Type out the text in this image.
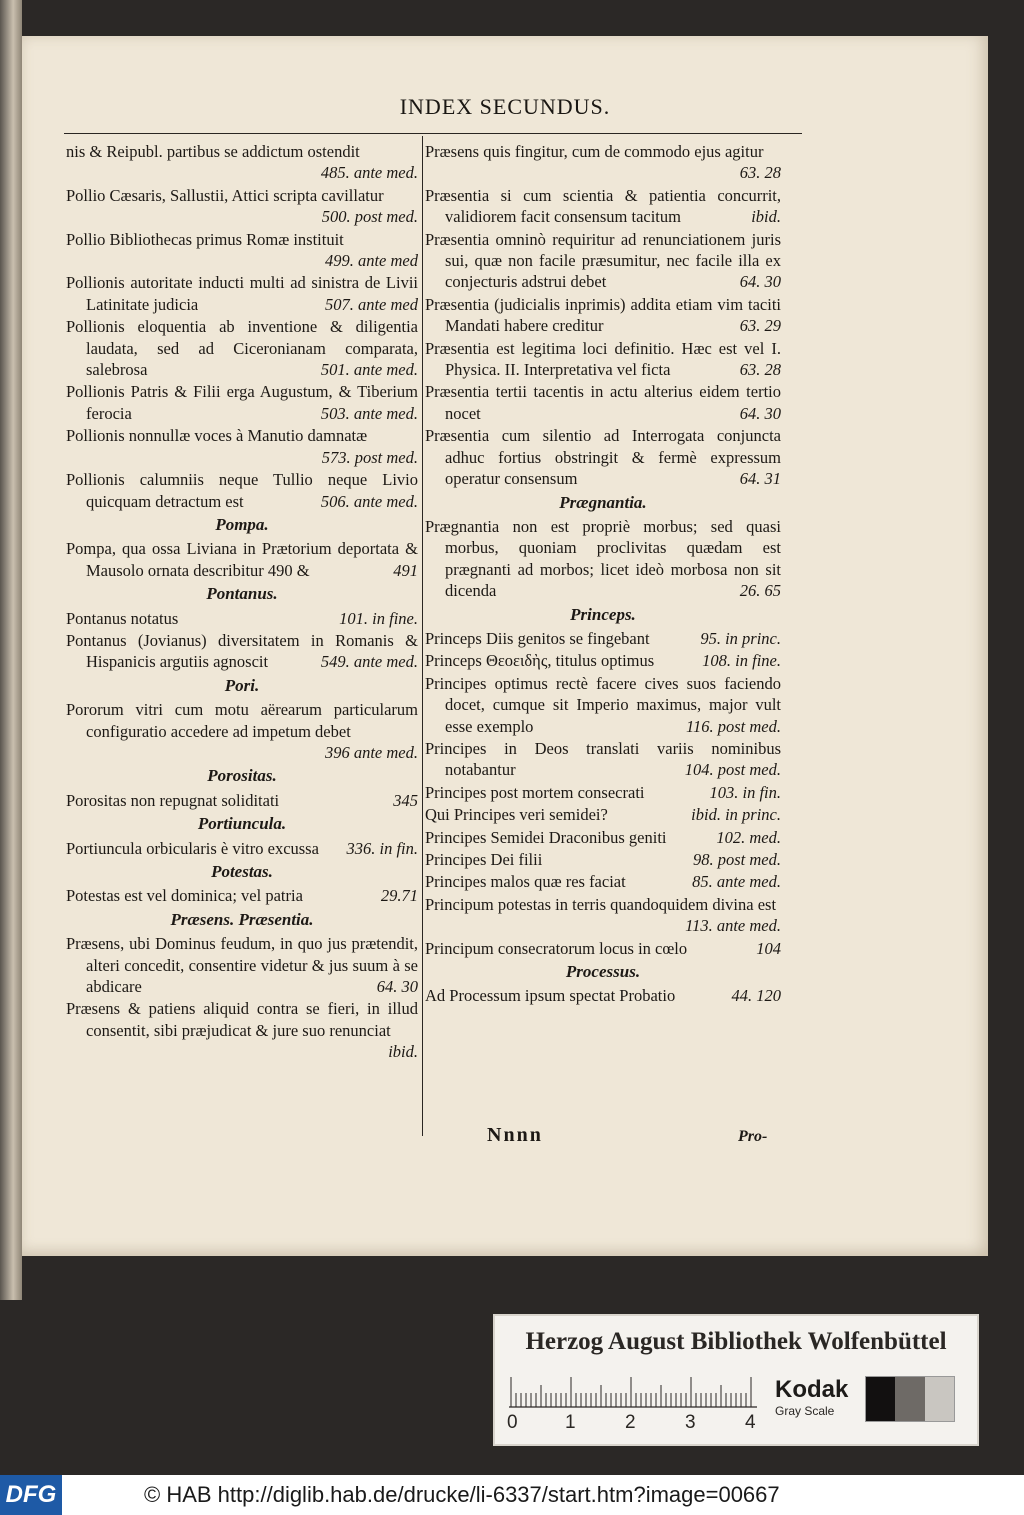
INDEX SECUNDUS.
nis & Reipubl. partibus se addictum ostendit
485. ante med.
Pollio Cæsaris, Sallustii, Attici scripta cavillatur
500. post med.
Pollio Bibliothecas primus Romæ instituit
499. ante med
Pollionis autoritate inducti multi ad sinistra de Livii Latinitate judicia	507. ante med
Pollionis eloquentia ab inventione & diligentia laudata, sed ad Ciceronianam comparata, salebrosa	501. ante med.
Pollionis Patris & Filii erga Augustum, & Tiberium ferocia	503. ante med.
Pollionis nonnullæ voces à Manutio damnatæ
573. post med.
Pollionis calumniis neque Tullio neque Livio quicquam detractum est	506. ante med.
Pompa.
Pompa, qua ossa Liviana in Prætorium deportata & Mausolo ornata describitur 490 &	491
Pontanus.
Pontanus notatus	101. in fine.
Pontanus (Jovianus) diversitatem in Romanis & Hispanicis argutiis agnoscit	549. ante med.
Pori.
Pororum vitri cum motu aërearum particularum configuratio accedere ad impetum debet
396 ante med.
Porositas.
Porositas non repugnat soliditati	345
Portiuncula.
Portiuncula orbicularis è vitro excussa	336. in fin.
Potestas.
Potestas est vel dominica; vel patria	29.71
Præsens. Præsentia.
Præsens, ubi Dominus feudum, in quo jus prætendit, alteri concedit, consentire videtur & jus suum à se abdicare	64. 30
Præsens & patiens aliquid contra se fieri, in illud consentit, sibi præjudicat & jure suo renunciat
ibid.
Præsens quis fingitur, cum de commodo ejus agitur
63. 28
Præsentia si cum scientia & patientia concurrit, validiorem facit consensum tacitum	ibid.
Præsentia omninò requiritur ad renunciationem juris sui, quæ non facile præsumitur, nec facile illa ex conjecturis adstrui debet	64. 30
Præsentia (judicialis inprimis) addita etiam vim taciti Mandati habere creditur	63. 29
Præsentia est legitima loci definitio. Hæc est vel I. Physica. II. Interpretativa vel ficta	63. 28
Præsentia tertii tacentis in actu alterius eidem tertio nocet	64. 30
Præsentia cum silentio ad Interrogata conjuncta adhuc fortius obstringit & fermè expressum operatur consensum	64. 31
Prægnantia.
Prægnantia non est propriè morbus; sed quasi morbus, quoniam proclivitas quædam est prægnanti ad morbos; licet ideò morbosa non sit dicenda	26. 65
Princeps.
Princeps Diis genitos se fingebant	95. in princ.
Princeps Θεοειδὴς, titulus optimus	108. in fine.
Principes optimus rectè facere cives suos faciendo docet, cumque sit Imperio maximus, major vult esse exemplo	116. post med.
Principes in Deos translati variis nominibus notabantur	104. post med.
Principes post mortem consecrati	103. in fin.
Qui Principes veri semidei?	ibid. in princ.
Principes Semidei Draconibus geniti	102. med.
Principes Dei filii	98. post med.
Principes malos quæ res faciat	85. ante med.
Principum potestas in terris quandoquidem divina est
113. ante med.
Principum consecratorum locus in cœlo	104
Processus.
Ad Processum ipsum spectat Probatio	44. 120
Nnnn	Pro-
Herzog August Bibliothek Wolfenbüttel
0 1	2	3	4
Kodak
Gray Scale
DFG	© HAB http://diglib.hab.de/drucke/li-6337/start.htm?image=00667
